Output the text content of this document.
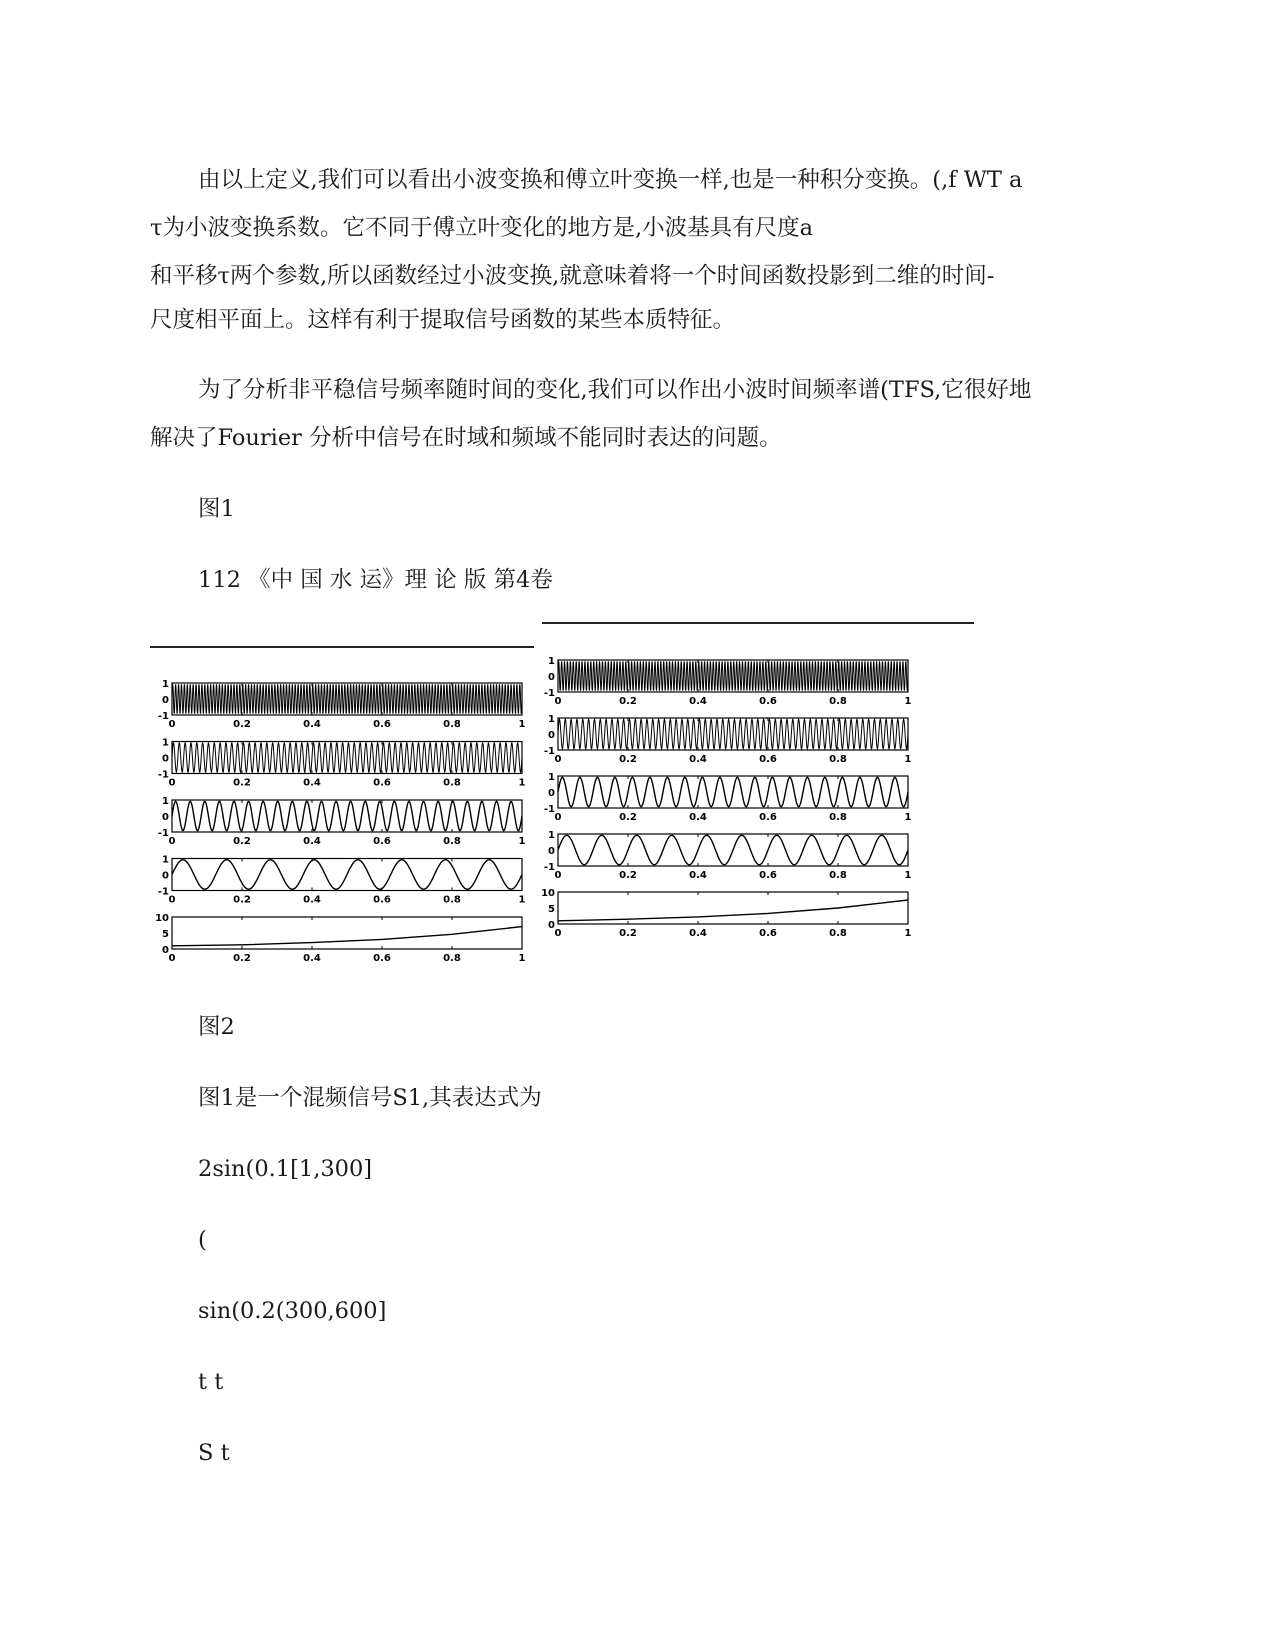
由以上定义,我们可以看出小波变换和傅立叶变换一样,也是一种积分变换。(,f WT a
τ为小波变换系数。它不同于傅立叶变化的地方是,小波基具有尺度a
和平移τ两个参数,所以函数经过小波变换,就意味着将一个时间函数投影到二维的时间-
尺度相平面上。这样有利于提取信号函数的某些本质特征。
为了分析非平稳信号频率随时间的变化,我们可以作出小波时间频率谱(TFS,它很好地
解决了Fourier 分析中信号在时域和频域不能同时表达的问题。
图1
112 《中 国 水 运》理 论 版 第4卷
1
0
-1
0	0.2	0.4	0.6	0.8	1
1
0
-1
0	0.2	0.4	0.6	0.8	1
1
0
-1
0	0.2	0.4	0.6	0.8	1
1
0
-1
0	0.2	0.4	0.6	0.8	1
10
5
0
0	0.2	0.4	0.6	0.8	1
1
0
-1
0	0.2	0.4	0.6	0.8	1
1
0
-1
0	0.2	0.4	0.6	0.8	1
1
0
-1
0	0.2	0.4	0.6	0.8	1
1
0
-1
0	0.2	0.4	0.6	0.8	1
10
5
0
0	0.2	0.4	0.6	0.8	1
图2
图1是一个混频信号S1,其表达式为
2sin(0.1[1,300]
(
sin(0.2(300,600]
t t
S t
